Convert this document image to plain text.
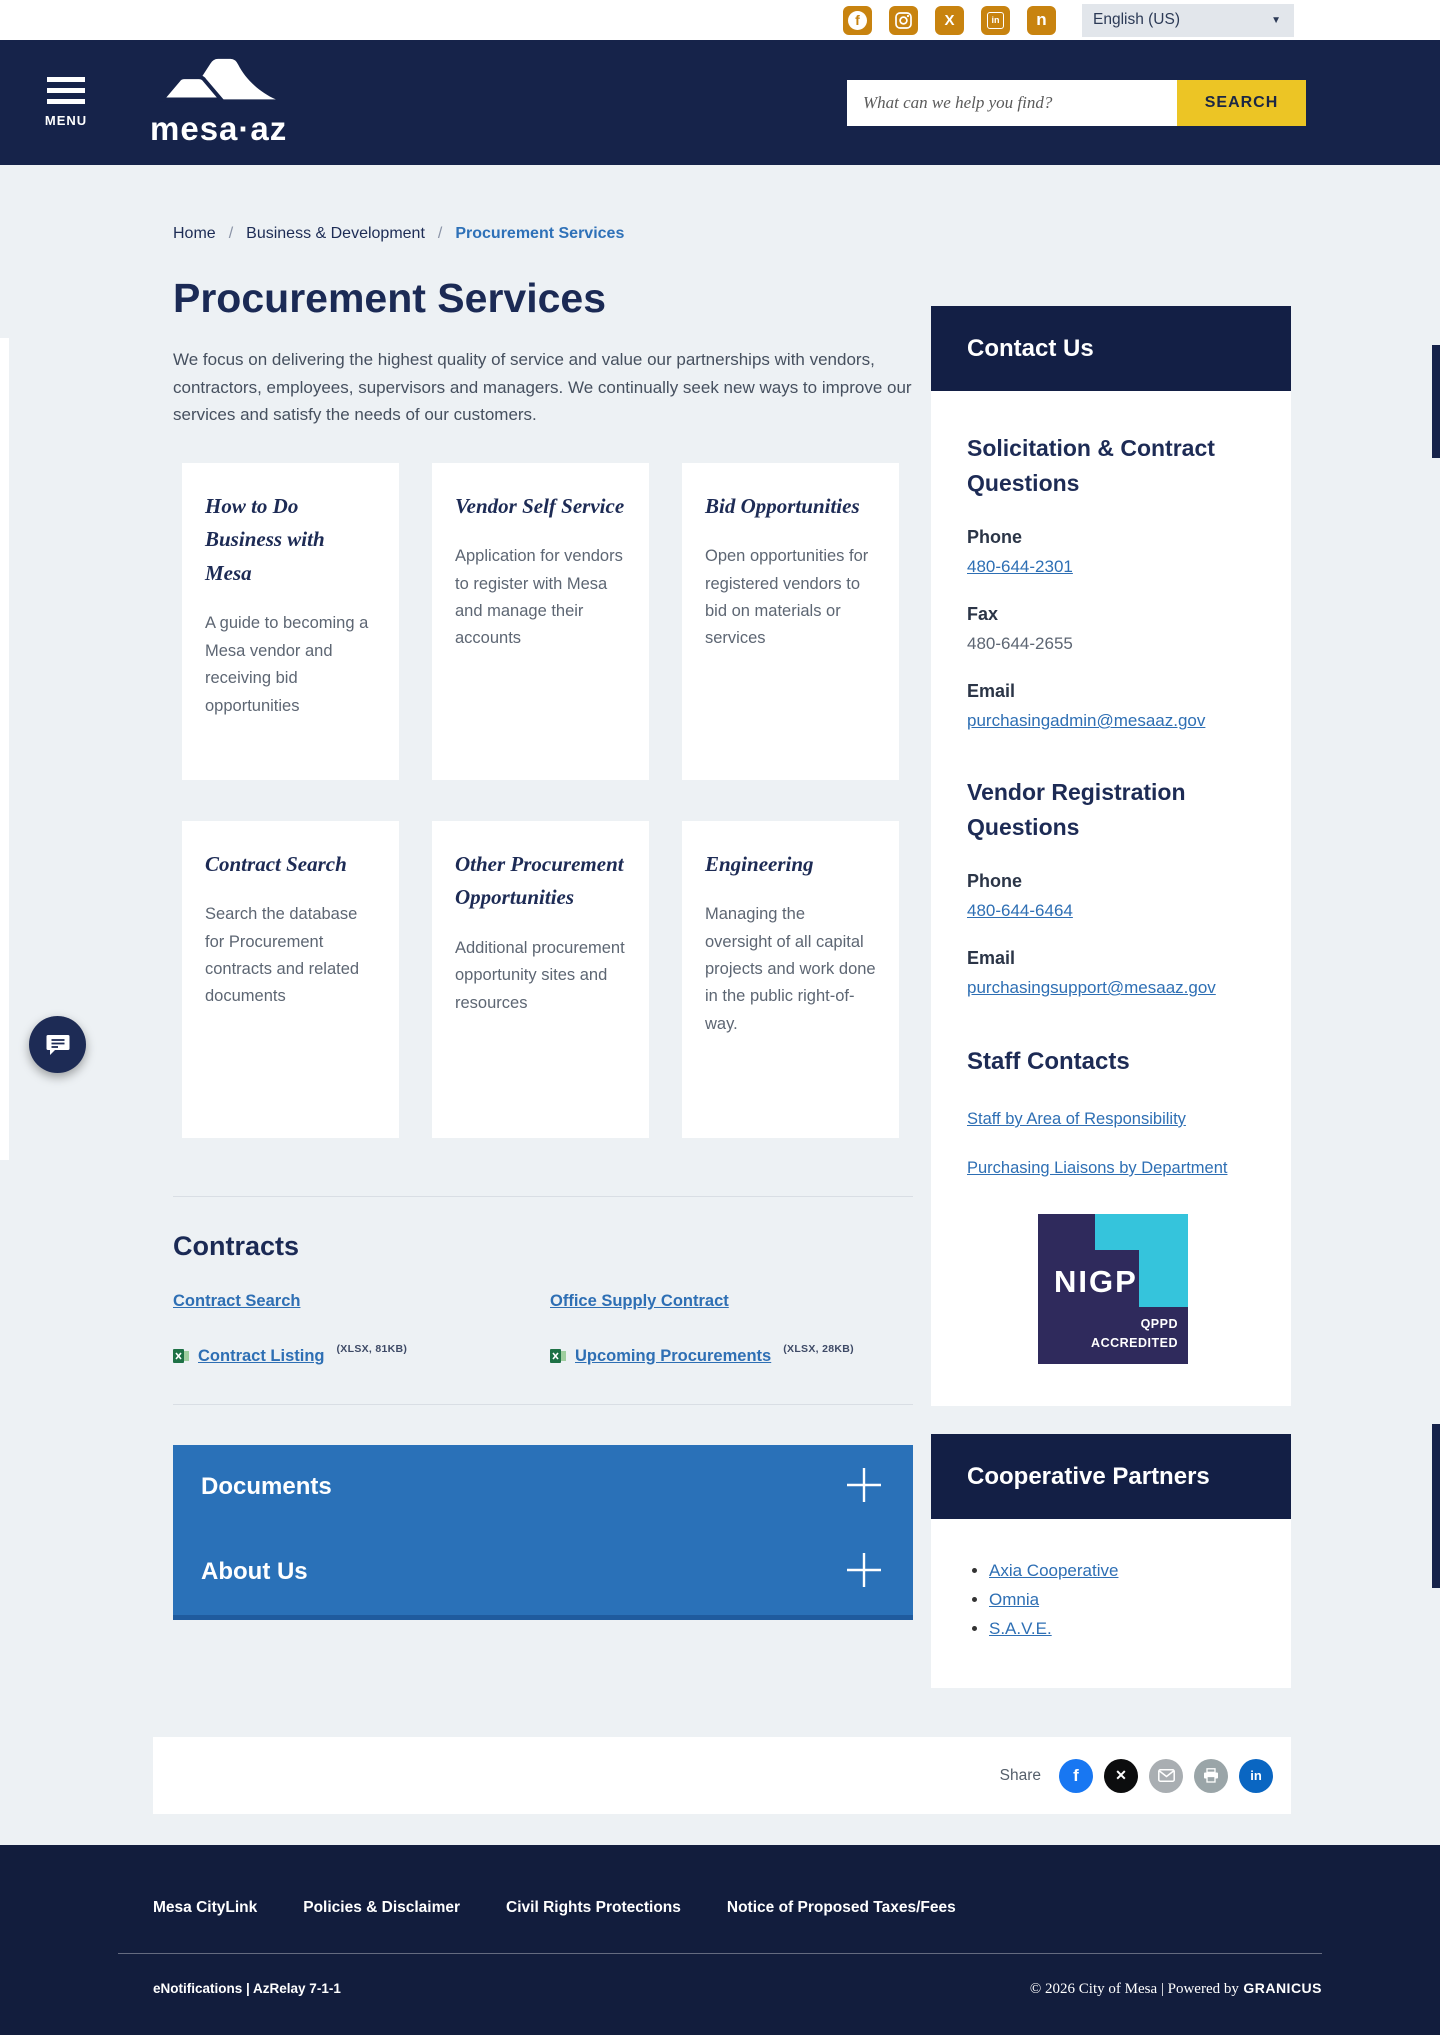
f	X	in n	English (US)	▼
MENU mesa·az
What can we help you find?
SEARCH
Home / Business & Development / Procurement Services
Procurement Services

We focus on delivering the highest quality of service and value our partnerships with vendors, contractors, employees, supervisors and managers. We continually seek new ways to improve our services and satisfy the needs of our customers.

How to Do Business with Mesa
A guide to becoming a Mesa vendor and receiving bid opportunities
Vendor Self Service
Application for vendors to register with Mesa and manage their accounts
Bid Opportunities
Open opportunities for registered vendors to bid on materials or services
Contract Search
Search the database for Procurement contracts and related documents
Other Procurement Opportunities
Additional procurement opportunity sites and resources
Engineering
Managing the oversight of all capital projects and work done in the public right-of-way.
Contracts
Contract Search	Office Supply Contract
Contract Listing (XLSX, 81KB)	Upcoming Procurements (XLSX, 28KB)
Documents
About Us
Contact Us
Solicitation & Contract Questions
Phone
480-644-2301
Fax
480-644-2655
Email
purchasingadmin@mesaaz.gov
Vendor Registration Questions
Phone
480-644-6464
Email
purchasingsupport@mesaaz.gov
Staff Contacts
Staff by Area of Responsibility
Purchasing Liaisons by Department
NIGP
QPPD
ACCREDITED
Cooperative Partners
• Axia Cooperative
• Omnia
• S.A.V.E.
Share f	✕	in
Mesa CityLink	Policies & Disclaimer	Civil Rights Protections	Notice of Proposed Taxes/Fees
eNotifications | AzRelay 7-1-1	© 2026 City of Mesa | Powered by GRANICUS
